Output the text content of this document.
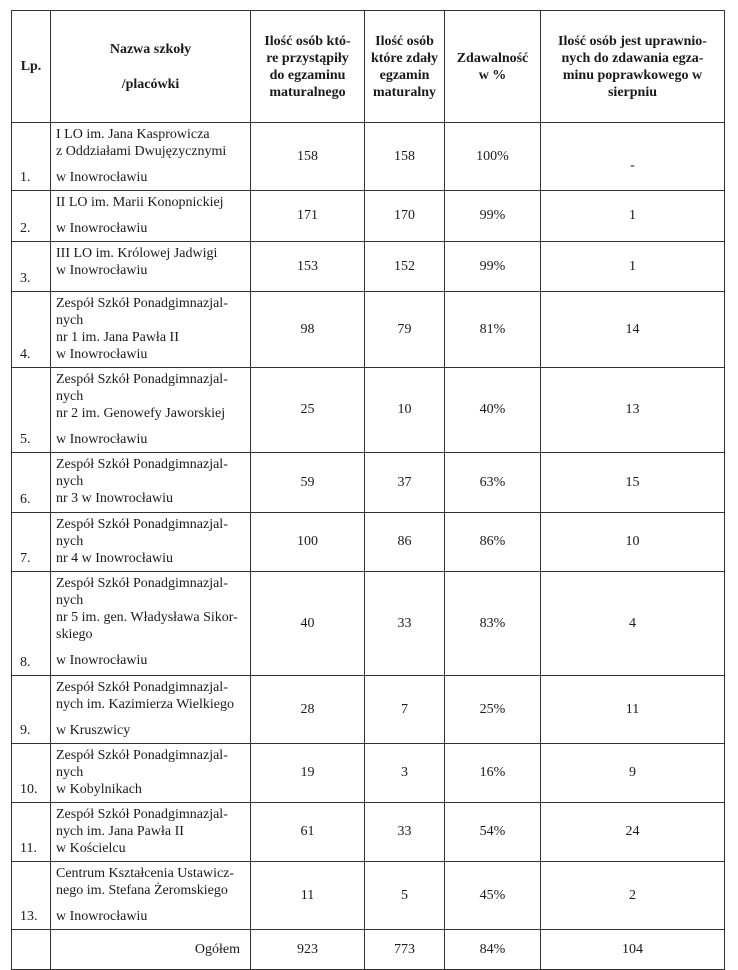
Lp.	Nazwa szkoły
/placówki	Ilość osób któ-
re przystąpiły
do egzaminu
maturalnego	Ilość osób
które zdały
egzamin
maturalny	Zdawalność
w %	Ilość osób jest uprawnio-
nych do zdawania egza-
minu poprawkowego w
sierpniu

1.	I LO im. Jana Kasprowicza
z Oddziałami Dwujęzycznymi
w Inowrocławiu	158	158	100%	-

2.	II LO im. Marii Konopnickiej
w Inowrocławiu	171	170	99%	1

3.	III LO im. Królowej Jadwigi
w Inowrocławiu	153	152	99%	1

4.	Zespół Szkół Ponadgimnazjal-
nych
nr 1 im. Jana Pawła II
w Inowrocławiu	98	79	81%	14

5.	Zespół Szkół Ponadgimnazjal-
nych
nr 2 im. Genowefy Jaworskiej
w Inowrocławiu	25	10	40%	13

6.	Zespół Szkół Ponadgimnazjal-
nych
nr 3 w Inowrocławiu	59	37	63%	15

7.	Zespół Szkół Ponadgimnazjal-
nych
nr 4 w Inowrocławiu	100	86	86%	10

8.	Zespół Szkół Ponadgimnazjal-
nych
nr 5 im. gen. Władysława Sikor-
skiego
w Inowrocławiu	40	33	83%	4

9.	Zespół Szkół Ponadgimnazjal-
nych im. Kazimierza Wielkiego
w Kruszwicy	28	7	25%	11

10.	Zespół Szkół Ponadgimnazjal-
nych
w Kobylnikach	19	3	16%	9

11.	Zespół Szkół Ponadgimnazjal-
nych im. Jana Pawła II
w Kościelcu	61	33	54%	24

13.	Centrum Kształcenia Ustawicz-
nego im. Stefana Żeromskiego
w Inowrocławiu	11	5	45%	2
	Ogółem	923	773	84%	104
